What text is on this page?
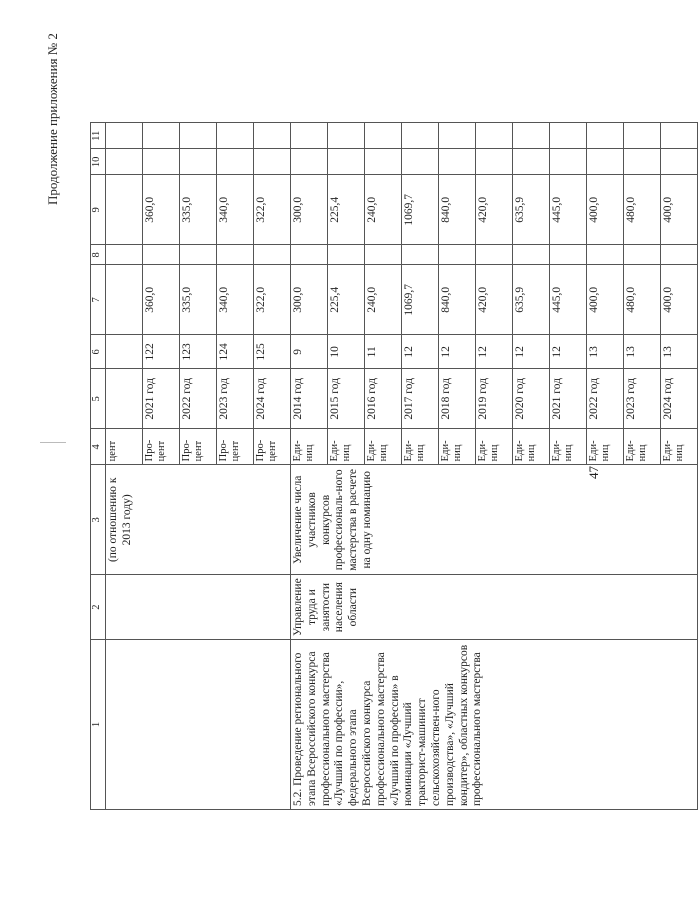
Продолжение приложения № 2
47
1	2	3	4	5	6	7	8	9	10	11
		(по отношению к 2013 году)	цент							
			Про-цент	2021 год	122	360,0		360,0		
			Про-цент	2022 год	123	335,0		335,0		
			Про-цент	2023 год	124	340,0		340,0		
			Про-цент	2024 год	125	322,0		322,0		
5.2. Проведение регионального этапа Всероссийского конкурса профессионального мастерства «Лучший по профессии», федерального этапа Всероссийского конкурса профессионального мастерства «Лучший по профессии» в номинации «Лучший тракторист-машинист сельскохозяйствен-ного производства», «Лучший кондитер», областных конкурсов профессионального мастерства	Управление труда и занятости населения области	Увеличение числа участников конкурсов профессиональ-ного мастерства в расчете на одну номинацию	Еди-ниц	2014 год	9	300,0		300,0		
			Еди-ниц	2015 год	10	225,4		225,4		
			Еди-ниц	2016 год	11	240,0		240,0		
			Еди-ниц	2017 год	12	1069,7		1069,7		
			Еди-ниц	2018 год	12	840,0		840,0		
			Еди-ниц	2019 год	12	420,0		420,0		
			Еди-ниц	2020 год	12	635,9		635,9		
			Еди-ниц	2021 год	12	445,0		445,0		
			Еди-ниц	2022 год	13	400,0		400,0		
			Еди-ниц	2023 год	13	480,0		480,0		
			Еди-ниц	2024 год	13	400,0		400,0		
